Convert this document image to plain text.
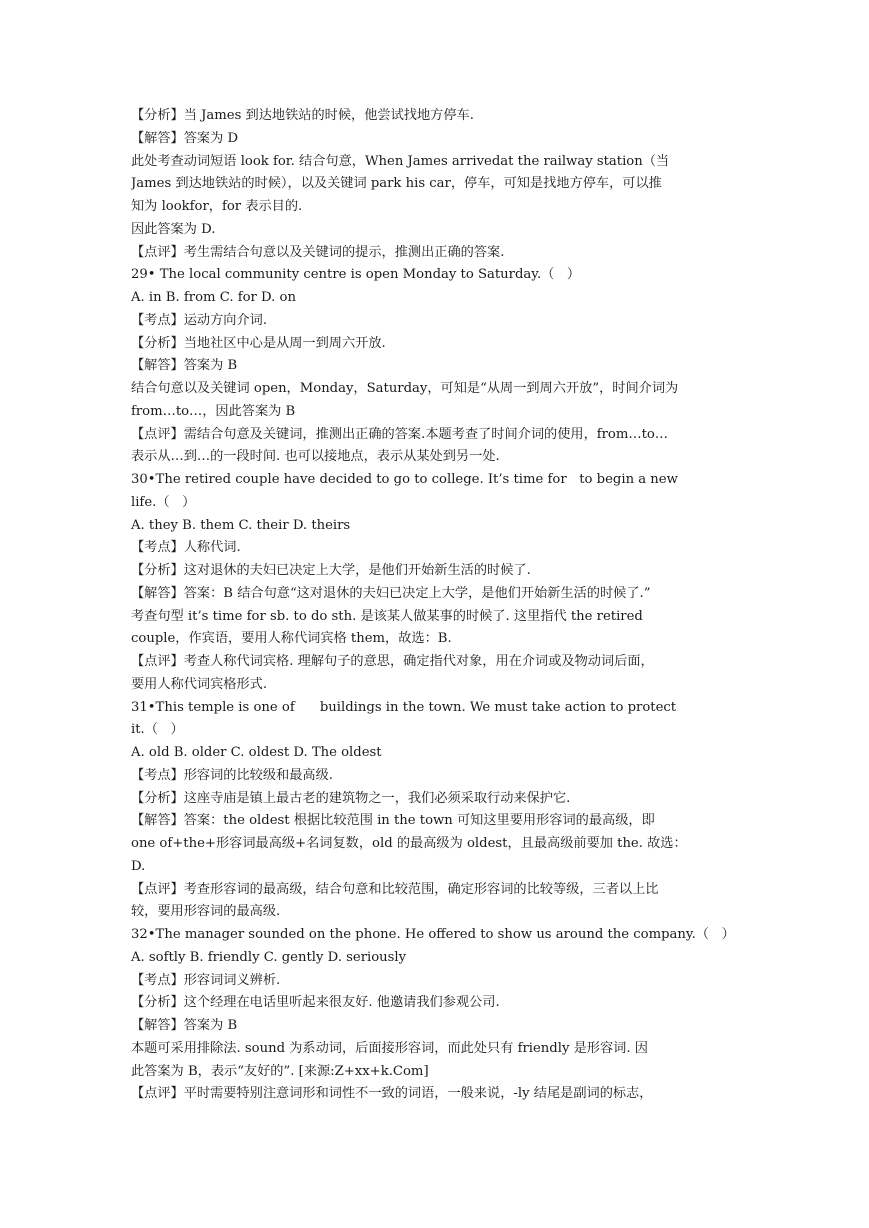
【分析】当 James 到达地铁站的时候，他尝试找地方停车.
【解答】答案为 D
此处考查动词短语 look for. 结合句意，When James arrivedat the railway station（当
James 到达地铁站的时候），以及关键词 park his car，停车，可知是找地方停车，可以推
知为 lookfor，for 表示目的.
因此答案为 D.
【点评】考生需结合句意以及关键词的提示，推测出正确的答案.
29• The local community centre is open Monday to Saturday.（   ）
A. in B. from C. for D. on
【考点】运动方向介词.
【分析】当地社区中心是从周一到周六开放.
【解答】答案为 B
结合句意以及关键词 open，Monday，Saturday，可知是“从周一到周六开放”，时间介词为
from…to…，因此答案为 B
【点评】需结合句意及关键词，推测出正确的答案.本题考查了时间介词的使用，from…to…
表示从…到…的一段时间. 也可以接地点，表示从某处到另一处.
30•The retired couple have decided to go to college. It’s time for   to begin a new
life.（   ）
A. they B. them C. their D. theirs
【考点】人称代词.
【分析】这对退休的夫妇已决定上大学，是他们开始新生活的时候了.
【解答】答案：B 结合句意“这对退休的夫妇已决定上大学，是他们开始新生活的时候了.”
考查句型 it’s time for sb. to do sth. 是该某人做某事的时候了. 这里指代 the retired
couple，作宾语，要用人称代词宾格 them，故选：B.
【点评】考查人称代词宾格. 理解句子的意思，确定指代对象，用在介词或及物动词后面，
要用人称代词宾格形式.
31•This temple is one of      buildings in the town. We must take action to protect
it.（   ）
A. old B. older C. oldest D. The oldest
【考点】形容词的比较级和最高级.
【分析】这座寺庙是镇上最古老的建筑物之一，我们必须采取行动来保护它.
【解答】答案：the oldest 根据比较范围 in the town 可知这里要用形容词的最高级，即
one of+the+形容词最高级+名词复数，old 的最高级为 oldest，且最高级前要加 the. 故选：
D.
【点评】考查形容词的最高级，结合句意和比较范围，确定形容词的比较等级，三者以上比
较，要用形容词的最高级.
32•The manager sounded on the phone. He offered to show us around the company.（   ）
A. softly B. friendly C. gently D. seriously
【考点】形容词词义辨析.
【分析】这个经理在电话里听起来很友好. 他邀请我们参观公司.
【解答】答案为 B
本题可采用排除法. sound 为系动词，后面接形容词，而此处只有 friendly 是形容词. 因
此答案为 B，表示“友好的”. [来源:Z+xx+k.Com]
【点评】平时需要特别注意词形和词性不一致的词语，一般来说，-ly 结尾是副词的标志，
